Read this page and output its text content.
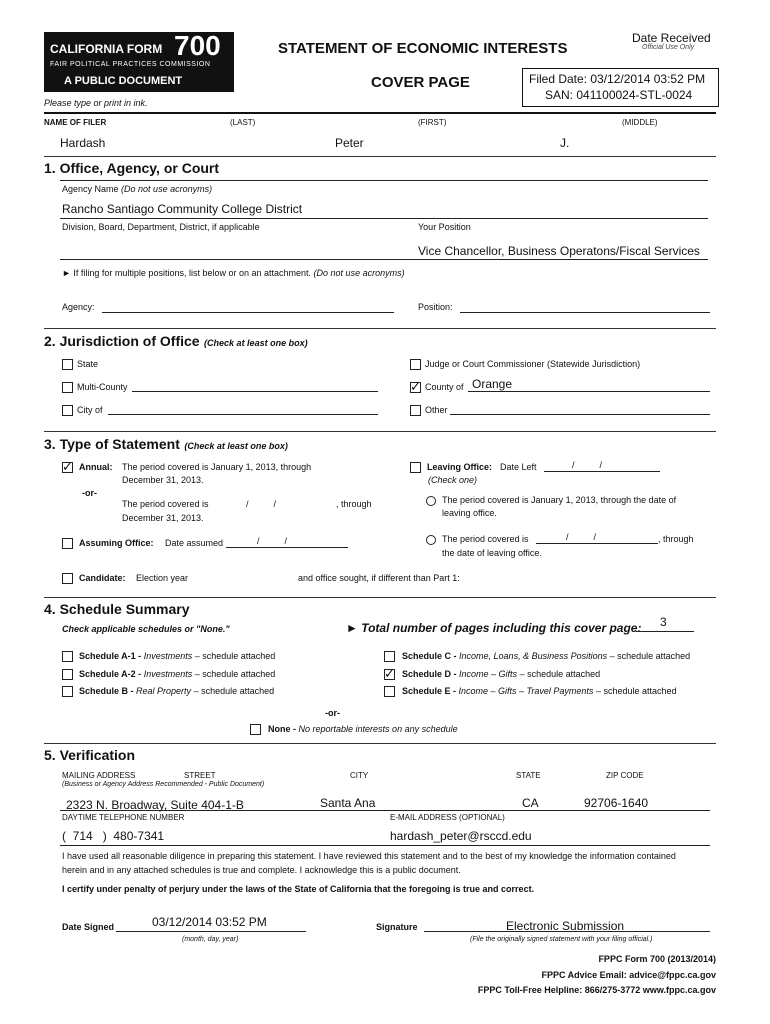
CALIFORNIA FORM 700
FAIR POLITICAL PRACTICES COMMISSION
A PUBLIC DOCUMENT
STATEMENT OF ECONOMIC INTERESTS
COVER PAGE
Date Received
Official Use Only
Filed Date: 03/12/2014 03:52 PM
SAN: 041100024-STL-0024
Please type or print in ink.
NAME OF FILER	(LAST)	(FIRST)	(MIDDLE)
Hardash	Peter	J.
1. Office, Agency, or Court
Agency Name (Do not use acronyms)
Rancho Santiago Community College District
Division, Board, Department, District, if applicable	Your Position
Vice Chancellor, Business Operatons/Fiscal Services
► If filing for multiple positions, list below or on an attachment. (Do not use acronyms)
Agency:	Position:
2. Jurisdiction of Office (Check at least one box)
State
Multi-County
City of
Judge or Court Commissioner (Statewide Jurisdiction)
✓ County of Orange
Other
3. Type of Statement (Check at least one box)
✓ Annual: The period covered is January 1, 2013, through
December 31, 2013.
-or-
The period covered is	/          /	, through
December 31, 2013.
Assuming Office: Date assumed	/          /
Leaving Office: Date Left	/          /
(Check one)
The period covered is January 1, 2013, through the date of
leaving office.
The period covered is	/          /	, through
the date of leaving office.
Candidate: Election year	and office sought, if different than Part 1:
4. Schedule Summary
Check applicable schedules or "None."	► Total number of pages including this cover page: 3
Schedule A-1 - Investments – schedule attached
Schedule A-2 - Investments – schedule attached
Schedule B - Real Property – schedule attached
Schedule C - Income, Loans, & Business Positions – schedule attached
✓ Schedule D - Income – Gifts – schedule attached
Schedule E - Income – Gifts – Travel Payments – schedule attached
-or-
None - No reportable interests on any schedule
5. Verification
MAILING ADDRESS	STREET	CITY	STATE	ZIP CODE
(Business or Agency Address Recommended - Public Document)
2323 N. Broadway, Suite 404-1-B	Santa Ana	CA	92706-1640
DAYTIME TELEPHONE NUMBER	E-MAIL ADDRESS (OPTIONAL)
(  714   )  480-7341	hardash_peter@rsccd.edu
I have used all reasonable diligence in preparing this statement. I have reviewed this statement and to the best of my knowledge the information contained
herein and in any attached schedules is true and complete. I acknowledge this is a public document.
I certify under penalty of perjury under the laws of the State of California that the foregoing is true and correct.
Date Signed	03/12/2014 03:52 PM
(month, day, year)
Signature	Electronic Submission
(File the originally signed statement with your filing official.)
FPPC Form 700 (2013/2014)
FPPC Advice Email: advice@fppc.ca.gov
FPPC Toll-Free Helpline: 866/275-3772 www.fppc.ca.gov
